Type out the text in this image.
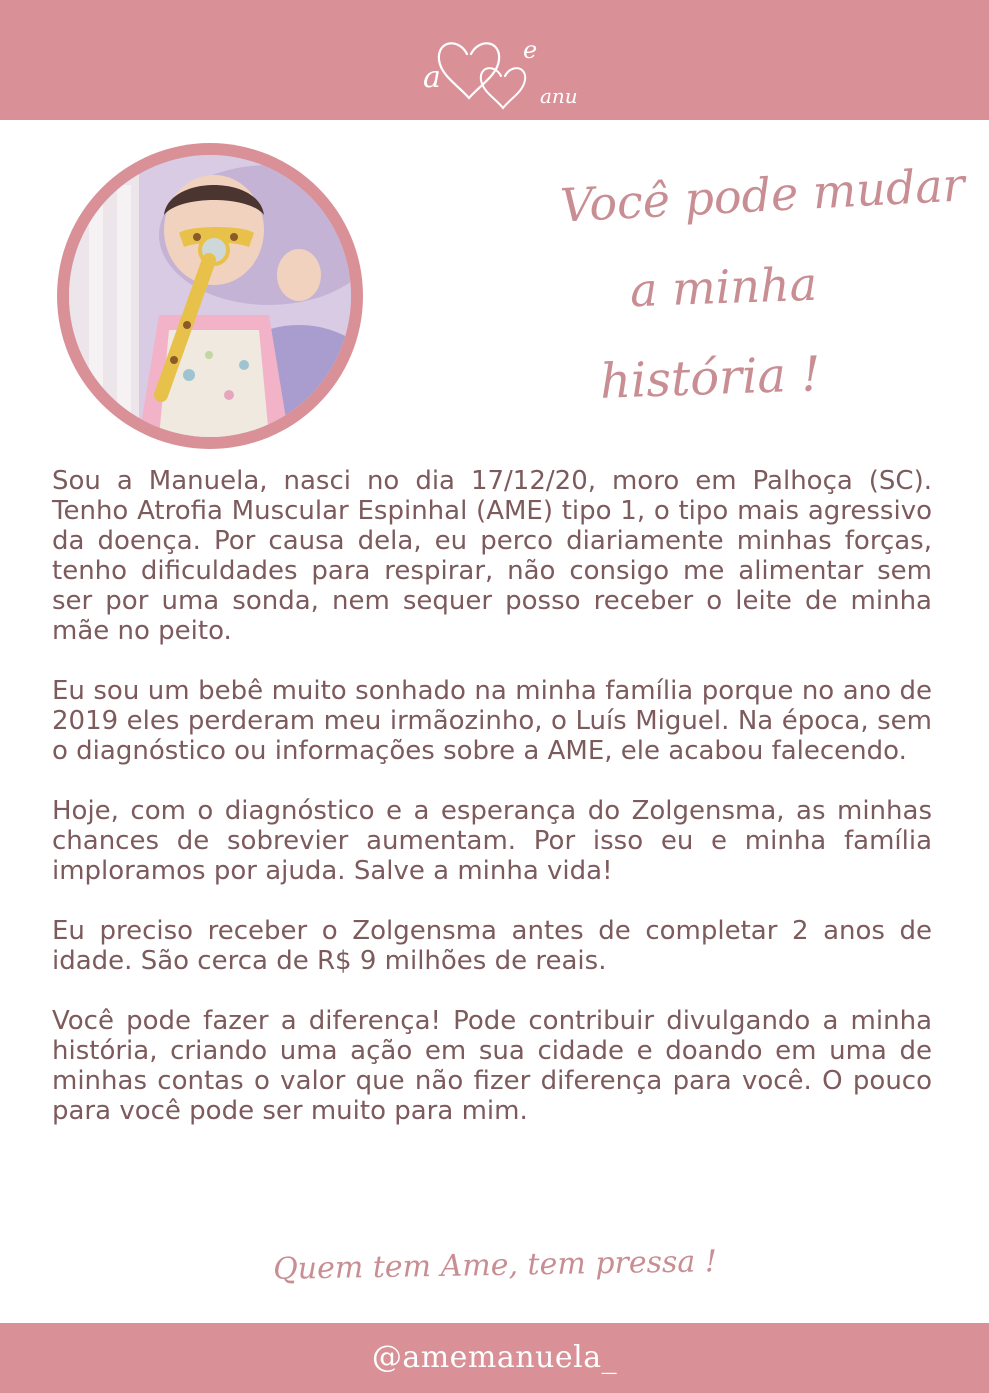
a
e
anu
Você pode mudar
a minha
história !

Sou a Manuela, nasci no dia 17/12/20, moro em Palhoça (SC). Tenho Atrofia Muscular Espinhal (AME) tipo 1, o tipo mais agressivo da doença. Por causa dela, eu perco diariamente minhas forças, tenho dificuldades para respirar, não consigo me alimentar sem ser por uma sonda, nem sequer posso receber o leite de minha mãe no peito.

Eu sou um bebê muito sonhado na minha família porque no ano de 2019 eles perderam meu irmãozinho, o Luís Miguel. Na época, sem o diagnóstico ou informações sobre a AME, ele acabou falecendo.

Hoje, com o diagnóstico e a esperança do Zolgensma, as minhas chances de sobrevier aumentam. Por isso eu e minha família imploramos por ajuda. Salve a minha vida!

Eu preciso receber o Zolgensma antes de completar 2 anos de idade. São cerca de R$ 9 milhões de reais.

Você pode fazer a diferença! Pode contribuir divulgando a minha história, criando uma ação em sua cidade e doando em uma de minhas contas o valor que não fizer diferença para você. O pouco para você pode ser muito para mim.

Quem tem Ame, tem pressa !
@amemanuela_
